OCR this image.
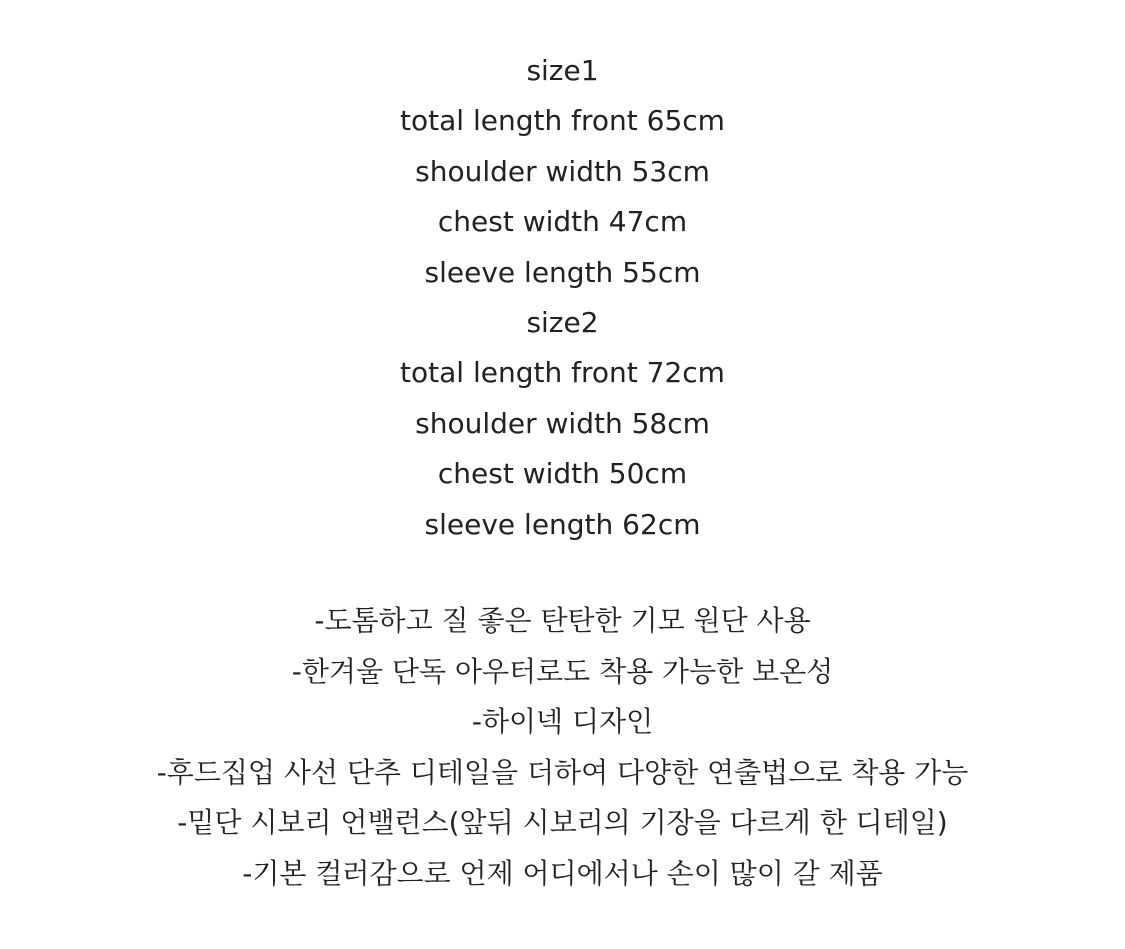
size1
total length front 65cm
shoulder width 53cm
chest width 47cm
sleeve length 55cm
size2
total length front 72cm
shoulder width 58cm
chest width 50cm
sleeve length 62cm
-도톰하고 질 좋은 탄탄한 기모 원단 사용
-한겨울 단독 아우터로도 착용 가능한 보온성
-하이넥 디자인
-후드집업 사선 단추 디테일을 더하여 다양한 연출법으로 착용 가능
-밑단 시보리 언밸런스(앞뒤 시보리의 기장을 다르게 한 디테일)
-기본 컬러감으로 언제 어디에서나 손이 많이 갈 제품
